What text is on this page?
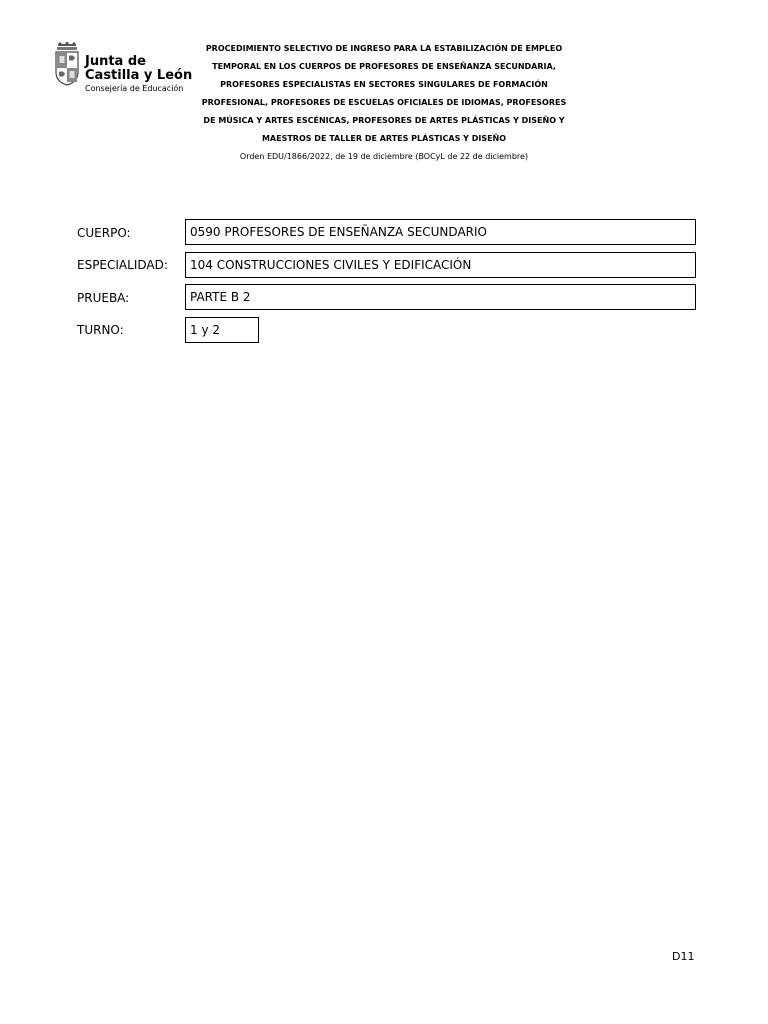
Junta de
Castilla y León
Consejería de Educación
PROCEDIMIENTO SELECTIVO DE INGRESO PARA LA ESTABILIZACIÓN DE EMPLEO
TEMPORAL EN LOS CUERPOS DE PROFESORES DE ENSEÑANZA SECUNDARIA,
PROFESORES ESPECIALISTAS EN SECTORES SINGULARES DE FORMACIÓN
PROFESIONAL, PROFESORES DE ESCUELAS OFICIALES DE IDIOMAS, PROFESORES
DE MÚSICA Y ARTES ESCÉNICAS, PROFESORES DE ARTES PLÁSTICAS Y DISEÑO Y
MAESTROS DE TALLER DE ARTES PLÁSTICAS Y DISEÑO
Orden EDU/1866/2022, de 19 de diciembre (BOCyL de 22 de diciembre)
CUERPO:	0590 PROFESORES DE ENSEÑANZA SECUNDARIO
ESPECIALIDAD:	104 CONSTRUCCIONES CIVILES Y EDIFICACIÓN
PRUEBA:	PARTE B 2
TURNO:	1 y 2
D11
